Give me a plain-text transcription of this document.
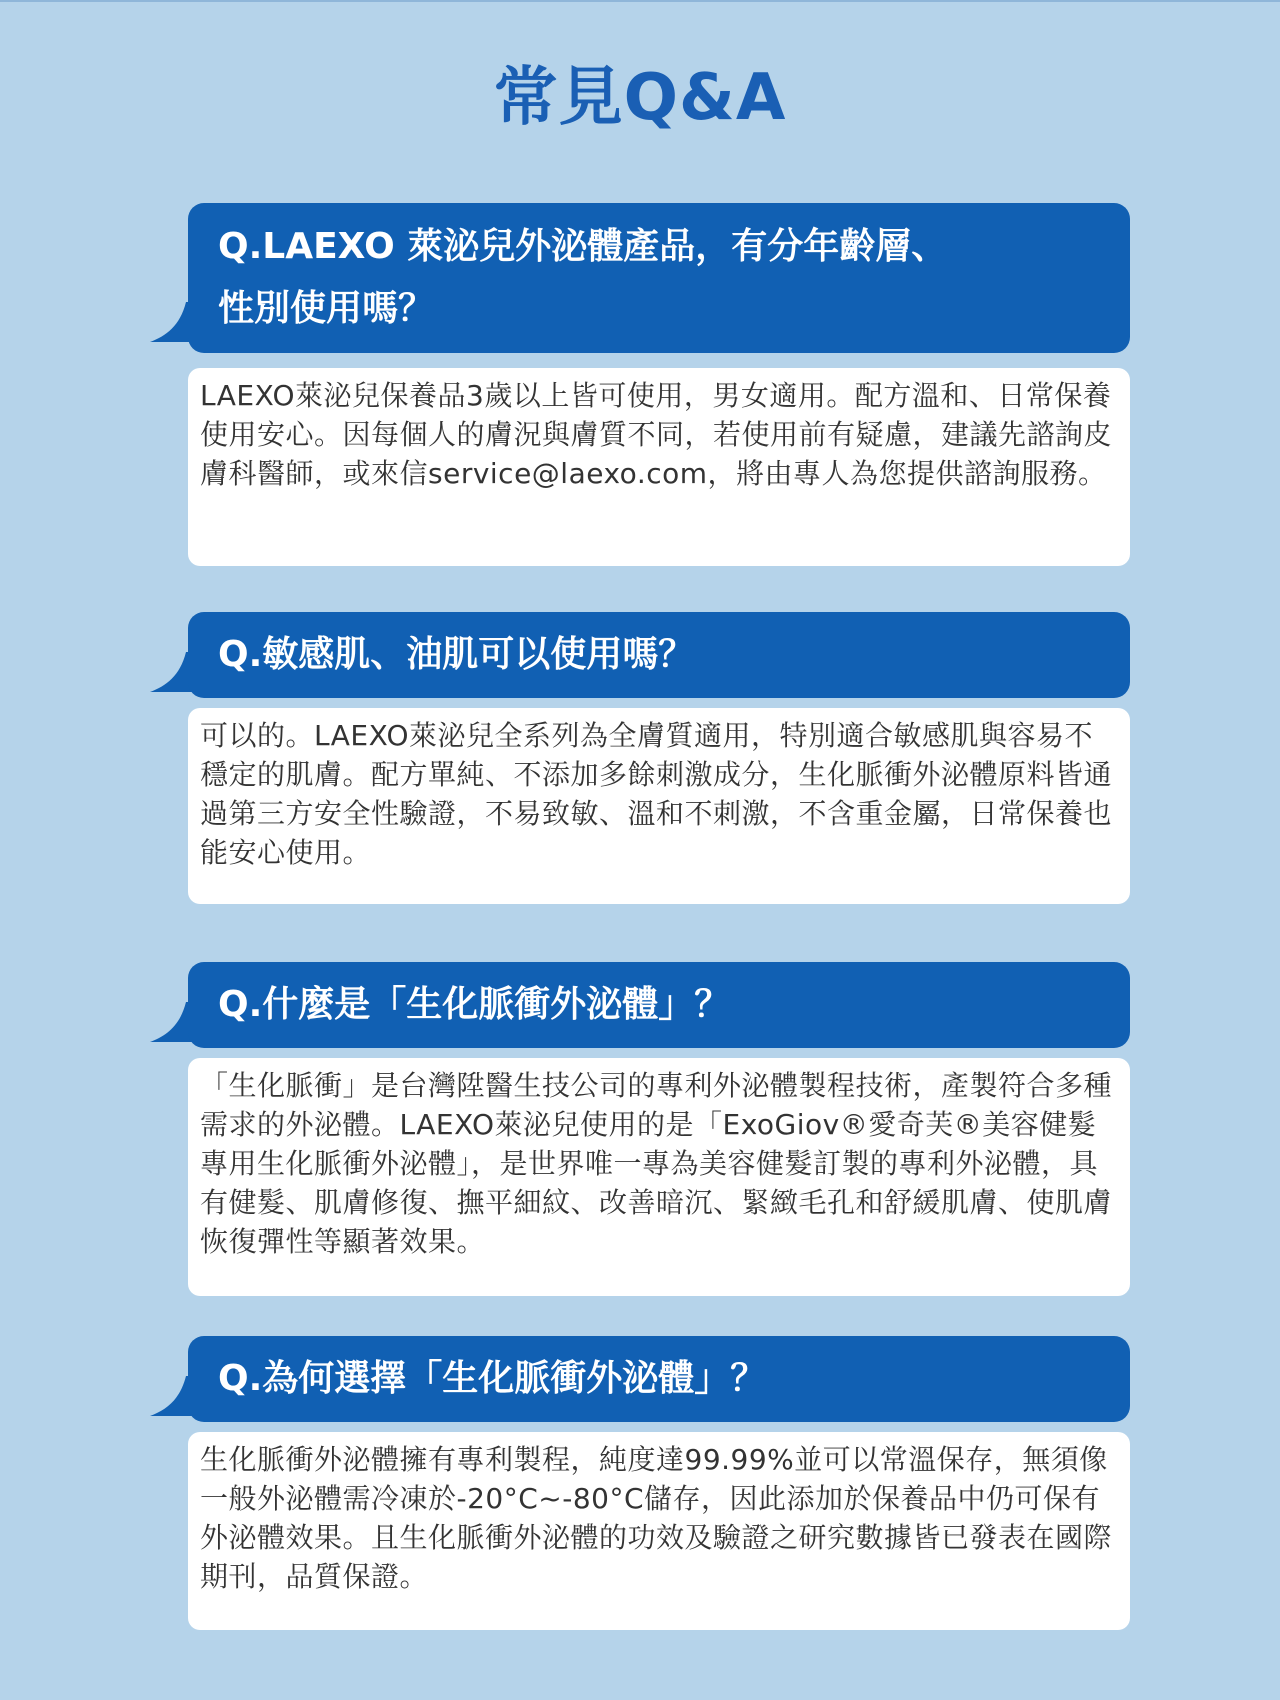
常見Q&A
Q.LAEXO 萊泌兒外泌體產品，有分年齡層、
性別使用嗎？
LAEXO萊泌兒保養品3歲以上皆可使用，男女適用。配方溫和、日常保養使用安心。因每個人的膚況與膚質不同，若使用前有疑慮，建議先諮詢皮膚科醫師，或來信service@laexo.com，將由專人為您提供諮詢服務。
Q.敏感肌、油肌可以使用嗎？
可以的。LAEXO萊泌兒全系列為全膚質適用，特別適合敏感肌與容易不穩定的肌膚。配方單純、不添加多餘刺激成分，生化脈衝外泌體原料皆通過第三方安全性驗證，不易致敏、溫和不刺激，不含重金屬，日常保養也能安心使用。
Q.什麼是「生化脈衝外泌體」？
「生化脈衝」是台灣陞醫生技公司的專利外泌體製程技術，產製符合多種需求的外泌體。LAEXO萊泌兒使用的是「ExoGiov®愛奇芙®美容健髮專用生化脈衝外泌體」，是世界唯一專為美容健髮訂製的專利外泌體，具有健髮、肌膚修復、撫平細紋、改善暗沉、緊緻毛孔和舒緩肌膚、使肌膚恢復彈性等顯著效果。
Q.為何選擇「生化脈衝外泌體」？
生化脈衝外泌體擁有專利製程，純度達99.99%並可以常溫保存，無須像一般外泌體需冷凍於-20°C~-80°C儲存，因此添加於保養品中仍可保有外泌體效果。且生化脈衝外泌體的功效及驗證之研究數據皆已發表在國際期刊，品質保證。
